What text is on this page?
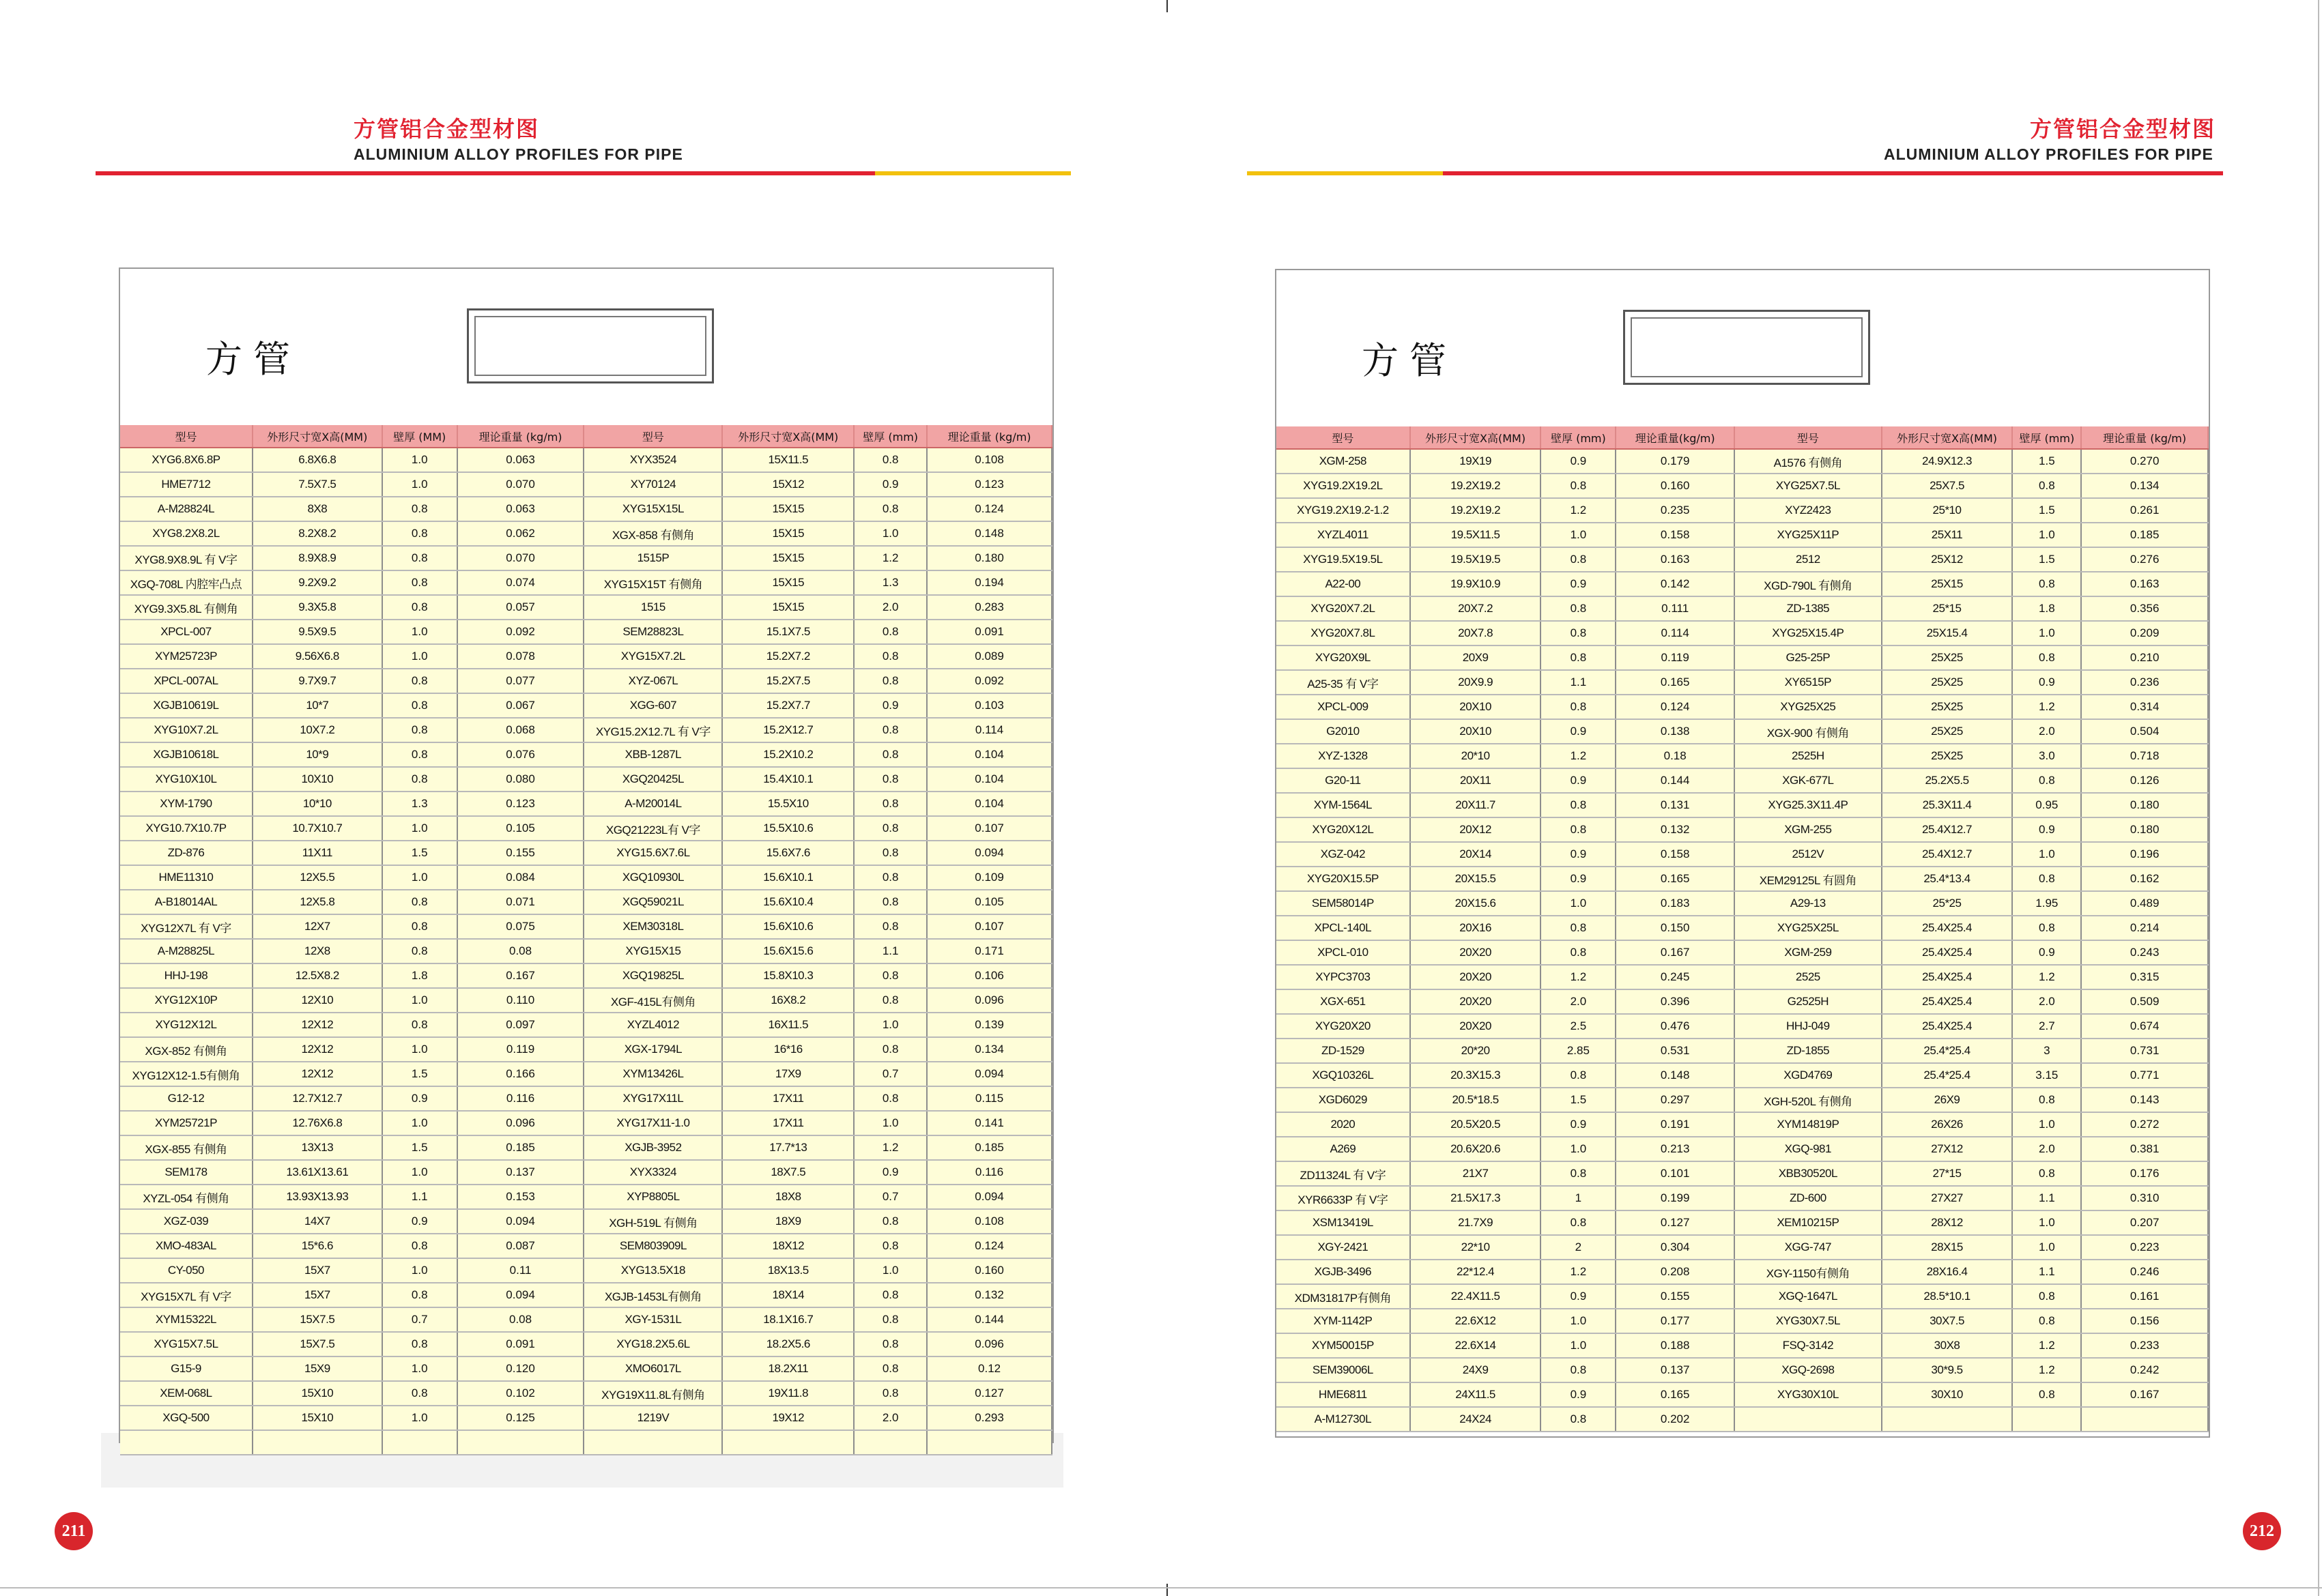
方管铝合金型材图
ALUMINIUM ALLOY PROFILES FOR PIPE
方管
型号	外形尺寸宽X高(MM)	壁厚 (MM)	理论重量 (kg/m)	型号	外形尺寸宽X高(MM)	壁厚 (mm)	理论重量 (kg/m)
XYG6.8X6.8P	6.8X6.8	1.0	0.063	XYX3524	15X11.5	0.8	0.108
HME7712	7.5X7.5	1.0	0.070	XY70124	15X12	0.9	0.123
A-M28824L	8X8	0.8	0.063	XYG15X15L	15X15	0.8	0.124
XYG8.2X8.2L	8.2X8.2	0.8	0.062	XGX-858 有侧角	15X15	1.0	0.148
XYG8.9X8.9L 有 V字	8.9X8.9	0.8	0.070	1515P	15X15	1.2	0.180
XGQ-708L 内腔牢凸点	9.2X9.2	0.8	0.074	XYG15X15T 有侧角	15X15	1.3	0.194
XYG9.3X5.8L 有侧角	9.3X5.8	0.8	0.057	1515	15X15	2.0	0.283
XPCL-007	9.5X9.5	1.0	0.092	SEM28823L	15.1X7.5	0.8	0.091
XYM25723P	9.56X6.8	1.0	0.078	XYG15X7.2L	15.2X7.2	0.8	0.089
XPCL-007AL	9.7X9.7	0.8	0.077	XYZ-067L	15.2X7.5	0.8	0.092
XGJB10619L	10*7	0.8	0.067	XGG-607	15.2X7.7	0.9	0.103
XYG10X7.2L	10X7.2	0.8	0.068	XYG15.2X12.7L 有 V字	15.2X12.7	0.8	0.114
XGJB10618L	10*9	0.8	0.076	XBB-1287L	15.2X10.2	0.8	0.104
XYG10X10L	10X10	0.8	0.080	XGQ20425L	15.4X10.1	0.8	0.104
XYM-1790	10*10	1.3	0.123	A-M20014L	15.5X10	0.8	0.104
XYG10.7X10.7P	10.7X10.7	1.0	0.105	XGQ21223L有 V字	15.5X10.6	0.8	0.107
ZD-876	11X11	1.5	0.155	XYG15.6X7.6L	15.6X7.6	0.8	0.094
HME11310	12X5.5	1.0	0.084	XGQ10930L	15.6X10.1	0.8	0.109
A-B18014AL	12X5.8	0.8	0.071	XGQ59021L	15.6X10.4	0.8	0.105
XYG12X7L 有 V字	12X7	0.8	0.075	XEM30318L	15.6X10.6	0.8	0.107
A-M28825L	12X8	0.8	0.08	XYG15X15	15.6X15.6	1.1	0.171
HHJ-198	12.5X8.2	1.8	0.167	XGQ19825L	15.8X10.3	0.8	0.106
XYG12X10P	12X10	1.0	0.110	XGF-415L有侧角	16X8.2	0.8	0.096
XYG12X12L	12X12	0.8	0.097	XYZL4012	16X11.5	1.0	0.139
XGX-852 有侧角	12X12	1.0	0.119	XGX-1794L	16*16	0.8	0.134
XYG12X12-1.5有侧角	12X12	1.5	0.166	XYM13426L	17X9	0.7	0.094
G12-12	12.7X12.7	0.9	0.116	XYG17X11L	17X11	0.8	0.115
XYM25721P	12.76X6.8	1.0	0.096	XYG17X11-1.0	17X11	1.0	0.141
XGX-855 有侧角	13X13	1.5	0.185	XGJB-3952	17.7*13	1.2	0.185
SEM178	13.61X13.61	1.0	0.137	XYX3324	18X7.5	0.9	0.116
XYZL-054 有侧角	13.93X13.93	1.1	0.153	XYP8805L	18X8	0.7	0.094
XGZ-039	14X7	0.9	0.094	XGH-519L 有侧角	18X9	0.8	0.108
XMO-483AL	15*6.6	0.8	0.087	SEM803909L	18X12	0.8	0.124
CY-050	15X7	1.0	0.11	XYG13.5X18	18X13.5	1.0	0.160
XYG15X7L 有 V字	15X7	0.8	0.094	XGJB-1453L有侧角	18X14	0.8	0.132
XYM15322L	15X7.5	0.7	0.08	XGY-1531L	18.1X16.7	0.8	0.144
XYG15X7.5L	15X7.5	0.8	0.091	XYG18.2X5.6L	18.2X5.6	0.8	0.096
G15-9	15X9	1.0	0.120	XMO6017L	18.2X11	0.8	0.12
XEM-068L	15X10	0.8	0.102	XYG19X11.8L有侧角	19X11.8	0.8	0.127
XGQ-500	15X10	1.0	0.125	1219V	19X12	2.0	0.293

211
方管铝合金型材图
ALUMINIUM ALLOY PROFILES FOR PIPE
方管
型号	外形尺寸宽X高(MM)	壁厚 (mm)	理论重量(kg/m)	型号	外形尺寸宽X高(MM)	壁厚 (mm)	理论重量 (kg/m)
XGM-258	19X19	0.9	0.179	A1576 有侧角	24.9X12.3	1.5	0.270
XYG19.2X19.2L	19.2X19.2	0.8	0.160	XYG25X7.5L	25X7.5	0.8	0.134
XYG19.2X19.2-1.2	19.2X19.2	1.2	0.235	XYZ2423	25*10	1.5	0.261
XYZL4011	19.5X11.5	1.0	0.158	XYG25X11P	25X11	1.0	0.185
XYG19.5X19.5L	19.5X19.5	0.8	0.163	2512	25X12	1.5	0.276
A22-00	19.9X10.9	0.9	0.142	XGD-790L 有侧角	25X15	0.8	0.163
XYG20X7.2L	20X7.2	0.8	0.111	ZD-1385	25*15	1.8	0.356
XYG20X7.8L	20X7.8	0.8	0.114	XYG25X15.4P	25X15.4	1.0	0.209
XYG20X9L	20X9	0.8	0.119	G25-25P	25X25	0.8	0.210
A25-35 有 V字	20X9.9	1.1	0.165	XY6515P	25X25	0.9	0.236
XPCL-009	20X10	0.8	0.124	XYG25X25	25X25	1.2	0.314
G2010	20X10	0.9	0.138	XGX-900 有侧角	25X25	2.0	0.504
XYZ-1328	20*10	1.2	0.18	2525H	25X25	3.0	0.718
G20-11	20X11	0.9	0.144	XGK-677L	25.2X5.5	0.8	0.126
XYM-1564L	20X11.7	0.8	0.131	XYG25.3X11.4P	25.3X11.4	0.95	0.180
XYG20X12L	20X12	0.8	0.132	XGM-255	25.4X12.7	0.9	0.180
XGZ-042	20X14	0.9	0.158	2512V	25.4X12.7	1.0	0.196
XYG20X15.5P	20X15.5	0.9	0.165	XEM29125L 有圆角	25.4*13.4	0.8	0.162
SEM58014P	20X15.6	1.0	0.183	A29-13	25*25	1.95	0.489
XPCL-140L	20X16	0.8	0.150	XYG25X25L	25.4X25.4	0.8	0.214
XPCL-010	20X20	0.8	0.167	XGM-259	25.4X25.4	0.9	0.243
XYPC3703	20X20	1.2	0.245	2525	25.4X25.4	1.2	0.315
XGX-651	20X20	2.0	0.396	G2525H	25.4X25.4	2.0	0.509
XYG20X20	20X20	2.5	0.476	HHJ-049	25.4X25.4	2.7	0.674
ZD-1529	20*20	2.85	0.531	ZD-1855	25.4*25.4	3	0.731
XGQ10326L	20.3X15.3	0.8	0.148	XGD4769	25.4*25.4	3.15	0.771
XGD6029	20.5*18.5	1.5	0.297	XGH-520L 有侧角	26X9	0.8	0.143
2020	20.5X20.5	0.9	0.191	XYM14819P	26X26	1.0	0.272
A269	20.6X20.6	1.0	0.213	XGQ-981	27X12	2.0	0.381
ZD11324L 有 V字	21X7	0.8	0.101	XBB30520L	27*15	0.8	0.176
XYR6633P 有 V字	21.5X17.3	1	0.199	ZD-600	27X27	1.1	0.310
XSM13419L	21.7X9	0.8	0.127	XEM10215P	28X12	1.0	0.207
XGY-2421	22*10	2	0.304	XGG-747	28X15	1.0	0.223
XGJB-3496	22*12.4	1.2	0.208	XGY-1150有侧角	28X16.4	1.1	0.246
XDM31817P有侧角	22.4X11.5	0.9	0.155	XGQ-1647L	28.5*10.1	0.8	0.161
XYM-1142P	22.6X12	1.0	0.177	XYG30X7.5L	30X7.5	0.8	0.156
XYM50015P	22.6X14	1.0	0.188	FSQ-3142	30X8	1.2	0.233
SEM39006L	24X9	0.8	0.137	XGQ-2698	30*9.5	1.2	0.242
HME6811	24X11.5	0.9	0.165	XYG30X10L	30X10	0.8	0.167
A-M12730L	24X24	0.8	0.202				
212
